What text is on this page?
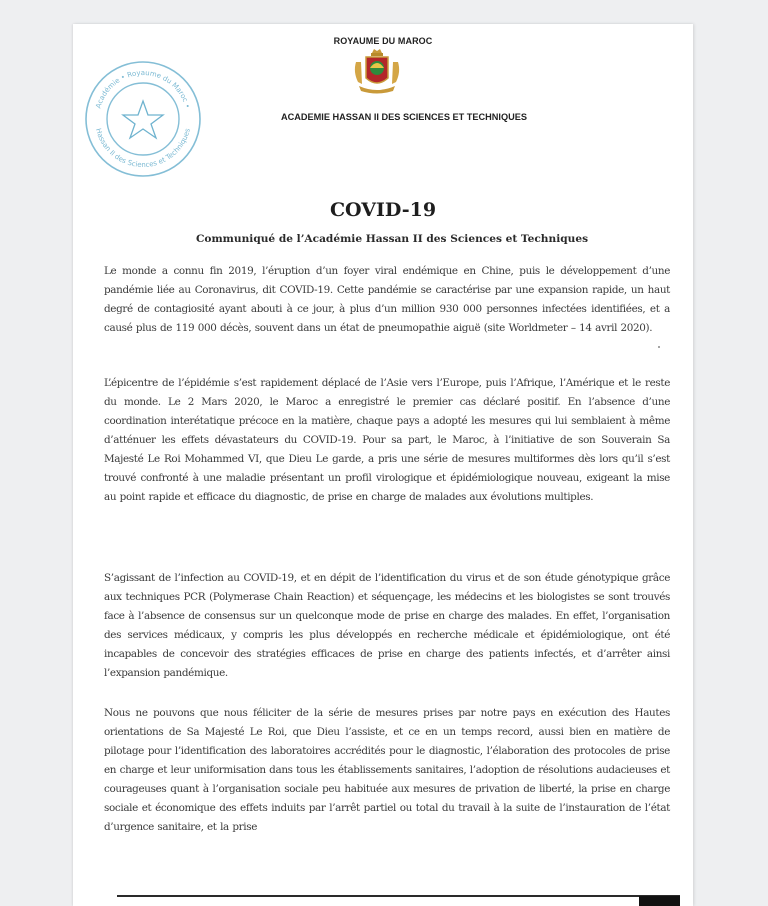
ROYAUME DU MAROC
Académie • Royaume du Maroc •
Hassan II des Sciences et Techniques
ACADEMIE HASSAN II DES SCIENCES ET TECHNIQUES
COVID-19
Communiqué de l’Académie Hassan II des Sciences et Techniques

Le monde a connu fin 2019, l’éruption d’un foyer viral endémique en Chine, puis le développement d’une pandémie liée au Coronavirus, dit COVID-19. Cette pandémie se caractérise par une expansion rapide, un haut degré de contagiosité ayant abouti à ce jour, à plus d’un million 930 000 personnes infectées identifiées, et a causé plus de 119 000 décès, souvent dans un état de pneumopathie aiguë (site Worldmeter – 14 avril 2020).

L’épicentre de l’épidémie s’est rapidement déplacé de l’Asie vers l’Europe, puis l’Afrique, l’Amérique et le reste du monde. Le 2 Mars 2020, le Maroc a enregistré le premier cas déclaré positif. En l’absence d’une coordination interétatique précoce en la matière, chaque pays a adopté les mesures qui lui semblaient à même d’atténuer les effets dévastateurs du COVID-19. Pour sa part, le Maroc, à l’initiative de son Souverain Sa Majesté Le Roi Mohammed VI, que Dieu Le garde, a pris une série de mesures multiformes dès lors qu’il s’est trouvé confronté à une maladie présentant un profil virologique et épidémiologique nouveau, exigeant la mise au point rapide et efficace du diagnostic, de prise en charge de malades aux évolutions multiples.

S’agissant de l’infection au COVID-19, et en dépit de l’identification du virus et de son étude génotypique grâce aux techniques PCR (Polymerase Chain Reaction) et séquençage, les médecins et les biologistes se sont trouvés face à l’absence de consensus sur un quelconque mode de prise en charge des malades. En effet, l’organisation des services médicaux, y compris les plus développés en recherche médicale et épidémiologique, ont été incapables de concevoir des stratégies efficaces de prise en charge des patients infectés, et d’arrêter ainsi l’expansion pandémique.

Nous ne pouvons que nous féliciter de la série de mesures prises par notre pays en exécution des Hautes orientations de Sa Majesté Le Roi, que Dieu l’assiste, et ce en un temps record, aussi bien en matière de pilotage pour l’identification des laboratoires accrédités pour le diagnostic, l’élaboration des protocoles de prise en charge et leur uniformisation dans tous les établissements sanitaires, l’adoption de résolutions audacieuses et courageuses quant à l’organisation sociale peu habituée aux mesures de privation de liberté, la prise en charge sociale et économique des effets induits par l’arrêt partiel ou total du travail à la suite de l’instauration de l’état d’urgence sanitaire, et la prise
